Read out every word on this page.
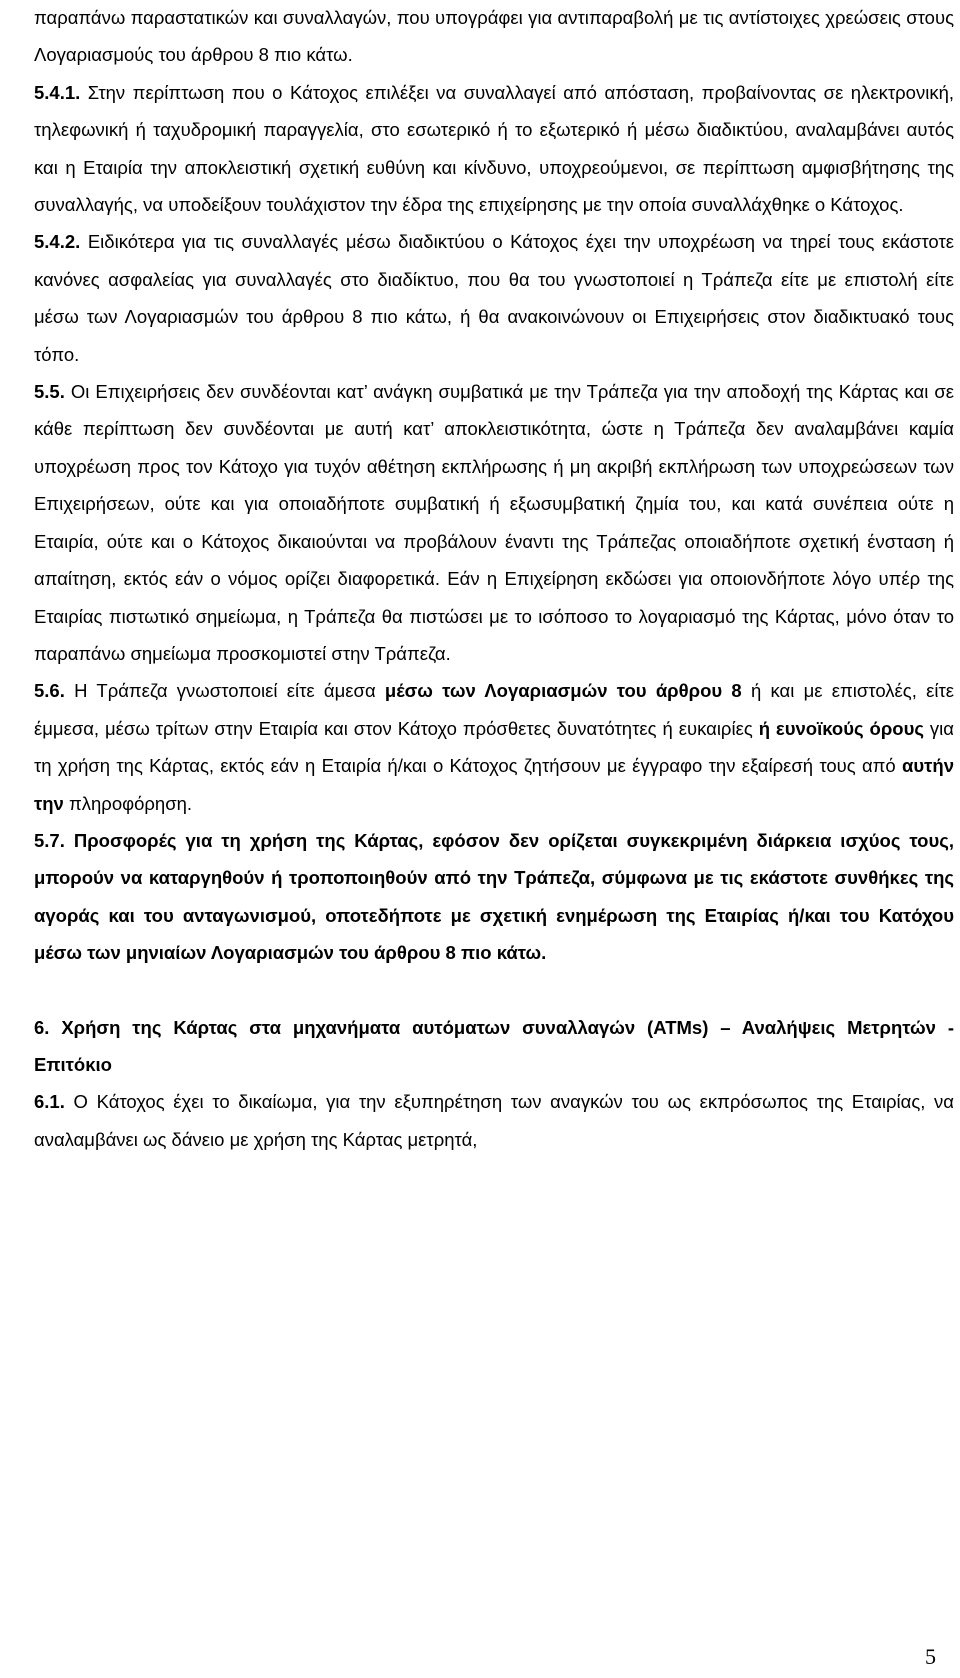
παραπάνω παραστατικών και συναλλαγών, που υπογράφει για αντιπαραβολή με τις αντίστοιχες χρεώσεις στους Λογαριασμούς του άρθρου 8 πιο κάτω.

5.4.1. Στην περίπτωση που ο Κάτοχος επιλέξει να συναλλαγεί από απόσταση, προβαίνοντας σε ηλεκτρονική, τηλεφωνική ή ταχυδρομική παραγγελία, στο εσωτερικό ή το εξωτερικό ή μέσω διαδικτύου, αναλαμβάνει αυτός και η Εταιρία την αποκλειστική σχετική ευθύνη και κίνδυνο, υποχρεούμενοι, σε περίπτωση αμφισβήτησης της συναλλαγής, να υποδείξουν τουλάχιστον την έδρα της επιχείρησης με την οποία συναλλάχθηκε ο Κάτοχος.

5.4.2. Ειδικότερα για τις συναλλαγές μέσω διαδικτύου ο Κάτοχος έχει την υποχρέωση να τηρεί τους εκάστοτε κανόνες ασφαλείας για συναλλαγές στο διαδίκτυο, που θα του γνωστοποιεί η Τράπεζα είτε με επιστολή είτε μέσω των Λογαριασμών του άρθρου 8 πιο κάτω, ή θα ανακοινώνουν οι Επιχειρήσεις στον διαδικτυακό τους τόπο.

5.5. Οι Επιχειρήσεις δεν συνδέονται κατ’ ανάγκη συμβατικά με την Τράπεζα για την αποδοχή της Κάρτας και σε κάθε περίπτωση δεν συνδέονται με αυτή κατ’ αποκλειστικότητα, ώστε η Τράπεζα δεν αναλαμβάνει καμία υποχρέωση προς τον Κάτοχο για τυχόν αθέτηση εκπλήρωσης ή μη ακριβή εκπλήρωση των υποχρεώσεων των Επιχειρήσεων, ούτε και για οποιαδήποτε συμβατική ή εξωσυμβατική ζημία του, και κατά συνέπεια ούτε η Εταιρία, ούτε και ο Κάτοχος δικαιούνται να προβάλουν έναντι της Τράπεζας οποιαδήποτε σχετική ένσταση ή απαίτηση, εκτός εάν ο νόμος ορίζει διαφορετικά. Εάν η Επιχείρηση εκδώσει για οποιονδήποτε λόγο υπέρ της Εταιρίας πιστωτικό σημείωμα, η Τράπεζα θα πιστώσει με το ισόποσο το λογαριασμό της Κάρτας, μόνο όταν το παραπάνω σημείωμα προσκομιστεί στην Τράπεζα.

5.6. Η Τράπεζα γνωστοποιεί είτε άμεσα μέσω των Λογαριασμών του άρθρου 8 ή και με επιστολές, είτε έμμεσα, μέσω τρίτων στην Εταιρία και στον Κάτοχο πρόσθετες δυνατότητες ή ευκαιρίες ή ευνοϊκούς όρους για τη χρήση της Κάρτας, εκτός εάν η Εταιρία ή/και ο Κάτοχος ζητήσουν με έγγραφο την εξαίρεσή τους από αυτήν την πληροφόρηση.

5.7. Προσφορές για τη χρήση της Κάρτας, εφόσον δεν ορίζεται συγκεκριμένη διάρκεια ισχύος τους, μπορούν να καταργηθούν ή τροποποιηθούν από την Τράπεζα, σύμφωνα με τις εκάστοτε συνθήκες της αγοράς και του ανταγωνισμού, οποτεδήποτε με σχετική ενημέρωση της Εταιρίας ή/και του Κατόχου μέσω των μηνιαίων Λογαριασμών του άρθρου 8 πιο κάτω.

6. Χρήση της Κάρτας στα μηχανήματα αυτόματων συναλλαγών (ATMs) – Αναλήψεις Μετρητών - Επιτόκιο

6.1. Ο Κάτοχος έχει το δικαίωμα, για την εξυπηρέτηση των αναγκών του ως εκπρόσωπος της Εταιρίας, να αναλαμβάνει ως δάνειο με χρήση της Κάρτας μετρητά,

5
